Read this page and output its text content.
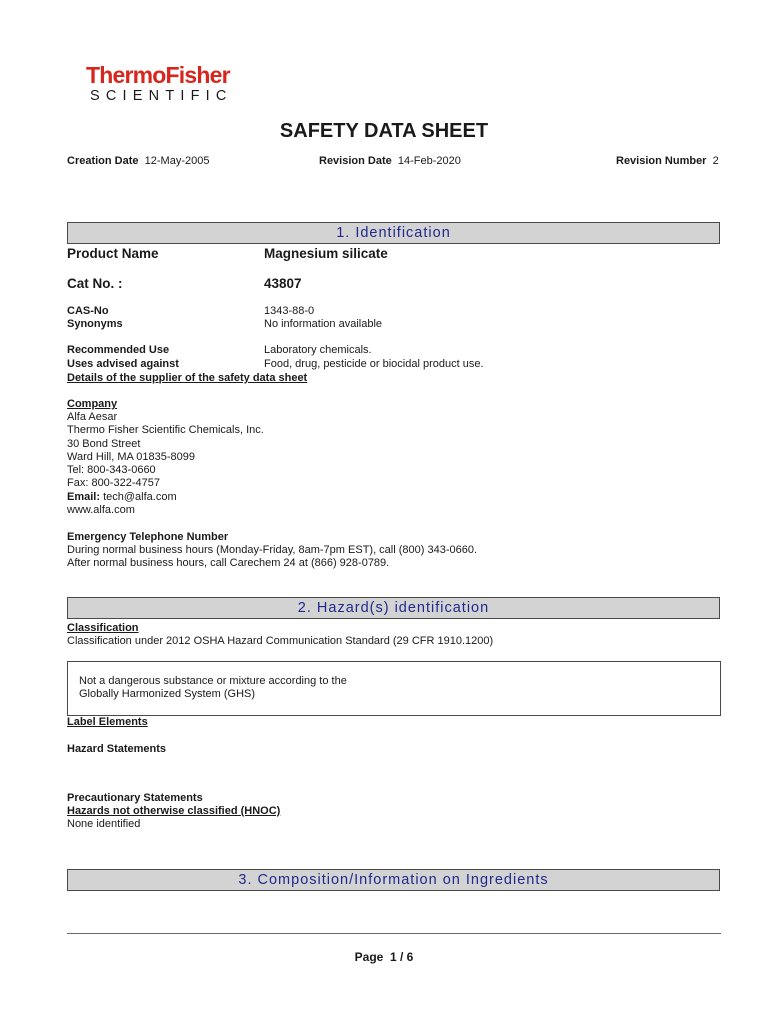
ThermoFisher
SCIENTIFIC
SAFETY DATA SHEET
Creation Date 12-May-2005	Revision Date 14-Feb-2020	Revision Number 2
1. Identification
Product Name	Magnesium silicate
Cat No. :	43807
CAS-No	1343-88-0
Synonyms	No information available
Recommended Use	Laboratory chemicals.
Uses advised against	Food, drug, pesticide or biocidal product use.
Details of the supplier of the safety data sheet
Company
Alfa Aesar
Thermo Fisher Scientific Chemicals, Inc.
30 Bond Street
Ward Hill, MA 01835-8099
Tel: 800-343-0660
Fax: 800-322-4757
Email: tech@alfa.com
www.alfa.com
Emergency Telephone Number
During normal business hours (Monday-Friday, 8am-7pm EST), call (800) 343-0660.
After normal business hours, call Carechem 24 at (866) 928-0789.
2. Hazard(s) identification
Classification
Classification under 2012 OSHA Hazard Communication Standard (29 CFR 1910.1200)
Not a dangerous substance or mixture according to the
Globally Harmonized System (GHS)
Label Elements
Hazard Statements
Precautionary Statements
Hazards not otherwise classified (HNOC)
None identified
3. Composition/Information on Ingredients
Page 1 / 6
